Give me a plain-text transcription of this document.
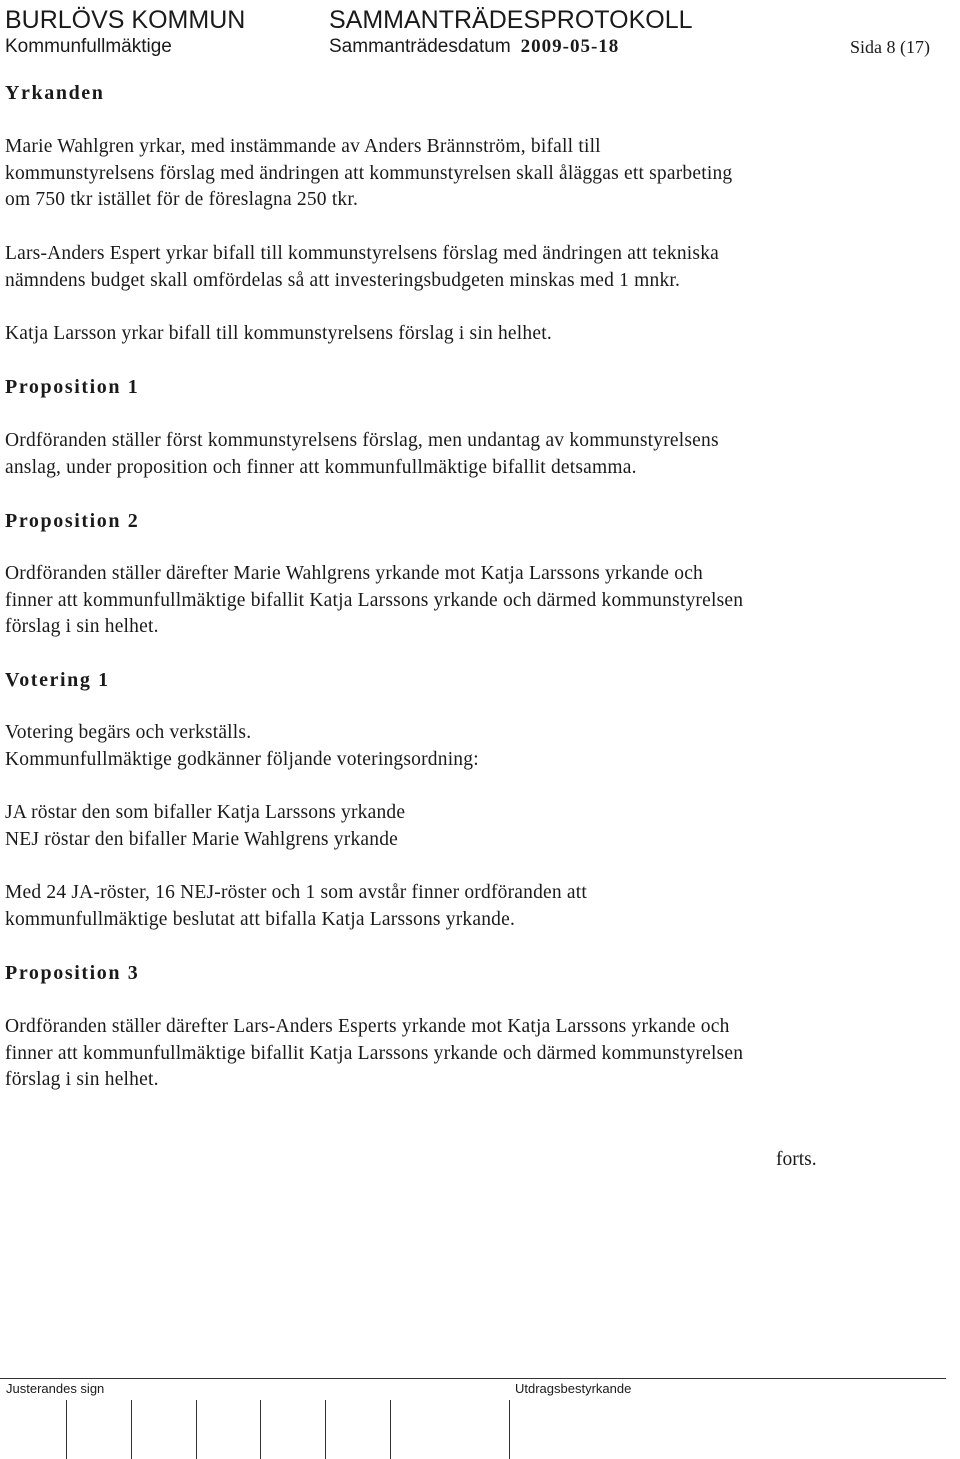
BURLÖVS KOMMUN	SAMMANTRÄDESPROTOKOLL
Kommunfullmäktige	Sammanträdesdatum 2009-05-18	Sida 8 (17)
Yrkanden

Marie Wahlgren yrkar, med instämmande av Anders Brännström, bifall till
kommunstyrelsens förslag med ändringen att kommunstyrelsen skall åläggas ett sparbeting
om 750 tkr istället för de föreslagna 250 tkr.

Lars-Anders Espert yrkar bifall till kommunstyrelsens förslag med ändringen att tekniska
nämndens budget skall omfördelas så att investeringsbudgeten minskas med 1 mnkr.

Katja Larsson yrkar bifall till kommunstyrelsens förslag i sin helhet.

Proposition 1

Ordföranden ställer först kommunstyrelsens förslag, men undantag av kommunstyrelsens
anslag, under proposition och finner att kommunfullmäktige bifallit detsamma.

Proposition 2

Ordföranden ställer därefter Marie Wahlgrens yrkande mot Katja Larssons yrkande och
finner att kommunfullmäktige bifallit Katja Larssons yrkande och därmed kommunstyrelsen
förslag i sin helhet.

Votering 1

Votering begärs och verkställs.
Kommunfullmäktige godkänner följande voteringsordning:

JA röstar den som bifaller Katja Larssons yrkande
NEJ röstar den bifaller Marie Wahlgrens yrkande

Med 24 JA-röster, 16 NEJ-röster och 1 som avstår finner ordföranden att
kommunfullmäktige beslutat att bifalla Katja Larssons yrkande.

Proposition 3

Ordföranden ställer därefter Lars-Anders Esperts yrkande mot Katja Larssons yrkande och
finner att kommunfullmäktige bifallit Katja Larssons yrkande och därmed kommunstyrelsen
förslag i sin helhet.

forts.
Justerandes sign	Utdragsbestyrkande
